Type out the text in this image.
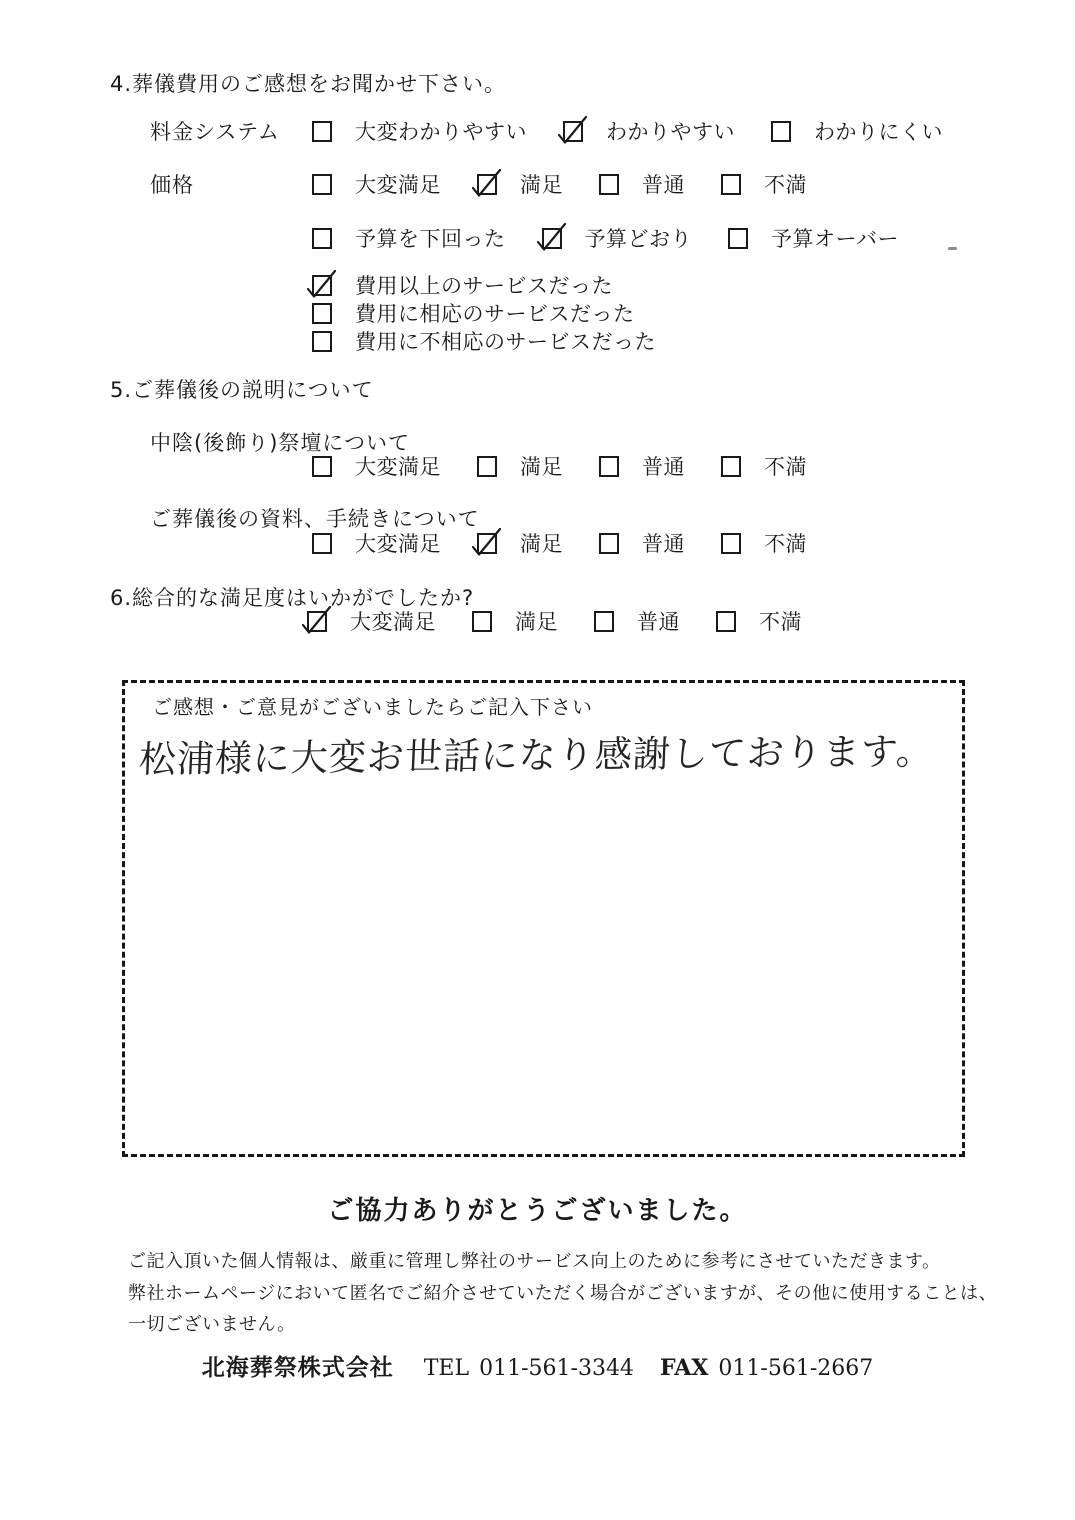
4.葬儀費用のご感想をお聞かせ下さい。
料金システム	大変わかりやすい	わかりやすい	わかりにくい
価格	大変満足	満足	普通	不満
予算を下回った	予算どおり	予算オーバー
費用以上のサービスだった
費用に相応のサービスだった
費用に不相応のサービスだった
5.ご葬儀後の説明について
中陰(後飾り)祭壇について
大変満足	満足	普通	不満
ご葬儀後の資料、手続きについて
大変満足	満足	普通	不満
6.総合的な満足度はいかがでしたか?
大変満足	満足	普通	不満
ご感想・ご意見がございましたらご記入下さい
松浦様に大変お世話になり感謝しております。
ご協力ありがとうございました。
ご記入頂いた個人情報は、厳重に管理し弊社のサービス向上のために参考にさせていただきます。
弊社ホームページにおいて匿名でご紹介させていただく場合がございますが、その他に使用することは、
一切ございません。
北海葬祭株式会社 TEL 011-561-3344 FAX 011-561-2667
